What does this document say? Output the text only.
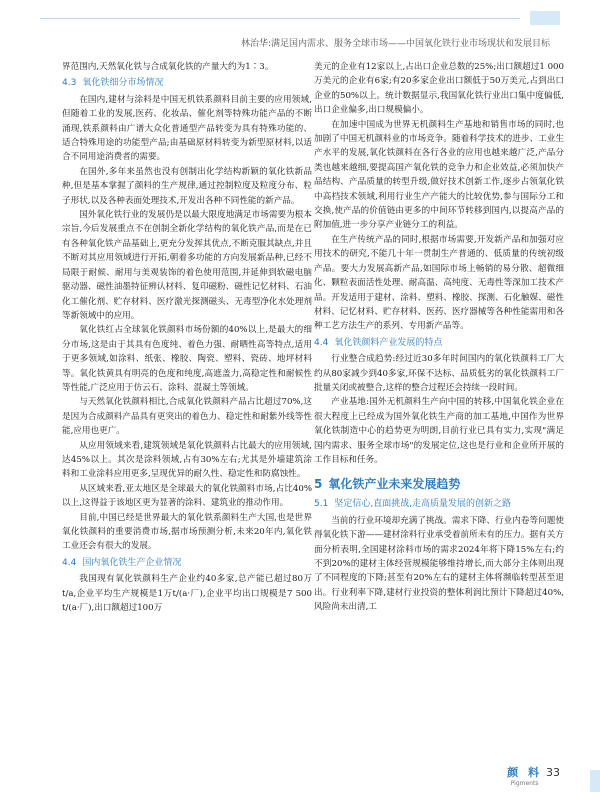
林治华:满足国内需求、服务全球市场——中国氧化铁行业市场现状和发展目标

界范围内,天然氧化铁与合成氧化铁的产量大约为1∶3。

4.3 氧化铁细分市场情况

在国内,建材与涂料是中国无机铁系颜料目前主要的应用领域,但随着工业的发展,医药、化妆品、催化剂等特殊功能产品的不断涌现,铁系颜料由广谱大众化普通型产品转变为具有特殊功能的、适合特殊用途的功能型产品;由基础原材料转变为新型原材料,以适合不同用途消费者的需要。

在国外,多年来虽然也没有创制出化学结构新颖的氧化铁新品种,但是基本掌握了颜料的生产规律,通过控制粒度及粒度分布、粒子形状,以及各种表面处理技术,开发出各种不同性能的新产品。

国外氧化铁行业的发展仍是以最大限度地满足市场需要为根本宗旨,今后发展重点不在创制全新化学结构的氧化铁产品,而是在已有各种氧化铁产品基础上,更充分发挥其优点,不断克服其缺点,并且不断对其应用领域进行开拓,朝着多功能的方向发展新品种,已经不局限于耐候、耐用与美观装饰的着色使用范围,并延伸到软磁电脑驱动器、磁性油墨特征辨认材料、复印磁粉、磁性记忆材料、石油化工催化剂、贮存材料、医疗激光探测磁头、无毒型净化水处理剂等新领域中的应用。

氧化铁红占全球氧化铁颜料市场份额的40%以上,是最大的细分市场,这是由于其具有色度纯、着色力强、耐晒性高等特点,适用于更多领域,如涂料、纸张、橡胶、陶瓷、塑料、瓷砖、地坪材料等。氧化铁黄具有明亮的色度和纯度,高遮盖力,高稳定性和耐候性等性能,广泛应用于仿云石、涂料、混凝土等领域。

与天然氧化铁颜料相比,合成氧化铁颜料产品占比超过70%,这是因为合成颜料产品具有更突出的着色力、稳定性和耐紫外线等性能,应用也更广。

从应用领域来看,建筑领域是氧化铁颜料占比最大的应用领域,达45%以上。其次是涂料领域,占有30%左右;尤其是外墙建筑涂料和工业涂料应用更多,呈现优异的耐久性、稳定性和防腐蚀性。

从区域来看,亚太地区是全球最大的氧化铁颜料市场,占比40%以上,这得益于该地区更为显著的涂料、建筑业的推动作用。

目前,中国已经是世界最大的氧化铁系颜料生产大国,也是世界氧化铁颜料的重要消费市场,据市场预测分析,未来20年内,氧化铁工业还会有很大的发展。

4.4 国内氧化铁生产企业情况

我国现有氧化铁颜料生产企业约40多家,总产能已超过80万t/a,企业平均生产规模是1万t/(a·厂),企业平均出口规模是7 500 t/(a·厂),出口额超过100万

美元的企业有12家以上,占出口企业总数的25%;出口额超过1 000万美元的企业有6家;有20多家企业出口额低于50万美元,占到出口企业的50%以上。统计数据显示,我国氧化铁行业出口集中度偏低,出口企业偏多,出口规模偏小。

在加速中国成为世界无机颜料生产基地和销售市场的同时,也加剧了中国无机颜料业的市场竞争。随着科学技术的进步、工业生产水平的发展,氧化铁颜料在各行各业的应用也越来越广泛,产品分类也越来越细,要提高国产氧化铁的竞争力和企业效益,必须加快产品结构、产品质量的转型升级,做好技术创新工作,逐步占领氧化铁中高档技术领域,利用行业生产产能大的比较优势,参与国际分工和交换,使产品的价值链由更多的中间环节转移到国内,以提高产品的附加值,进一步分享产业链分工的利益。

在生产传统产品的同时,根据市场需要,开发新产品和加强对应用技术的研究,不能几十年一贯制生产普通的、低质量的传统初级产品。要大力发展高新产品,如国际市场上畅销的易分散、超微细化、颗粒表面活性处理、耐高温、高纯度、无毒性等深加工技术产品。开发适用于建材、涂料、塑料、橡胶、探测、石化触媒、磁性材料、记忆材料、贮存材料、医药、医疗器械等各种性能需用和各种工艺方法生产的系列、专用新产品等。

4.4 氧化铁颜料产业发展的特点

行业整合成趋势:经过近30多年时间国内的氧化铁颜料工厂大约从80家减少到40多家,环保不达标、品质低劣的氧化铁颜料工厂批量关闭或被整合,这样的整合过程还会持续一段时间。

产业基地:国外无机颜料生产向中国的转移,中国氧化铁企业在很大程度上已经成为国外氧化铁生产商的加工基地,中国作为世界氧化铁制造中心的趋势更为明朗,目前行业已具有实力,实现"满足国内需求、服务全球市场"的发展定位,这也是行业和企业所开展的工作目标和任务。

5 氧化铁产业未来发展趋势
5.1 坚定信心,直面挑战,走高质量发展的创新之路

当前的行业环境却充满了挑战。需求下降、行业内卷等问题使得氧化铁下游——建材涂料行业承受着前所未有的压力。据有关方面分析表明,全国建材涂料市场的需求2024年将下降15%左右;约不到20%的建材主体经营规模能够维持增长,而大部分主体则出现了不同程度的下降;甚至有20%左右的建材主体将濒临转型甚至退出。行业利率下降,建材行业投资的整体利润比预计下降超过40%,风险尚未出清,工

颜 料
Pigments
33
